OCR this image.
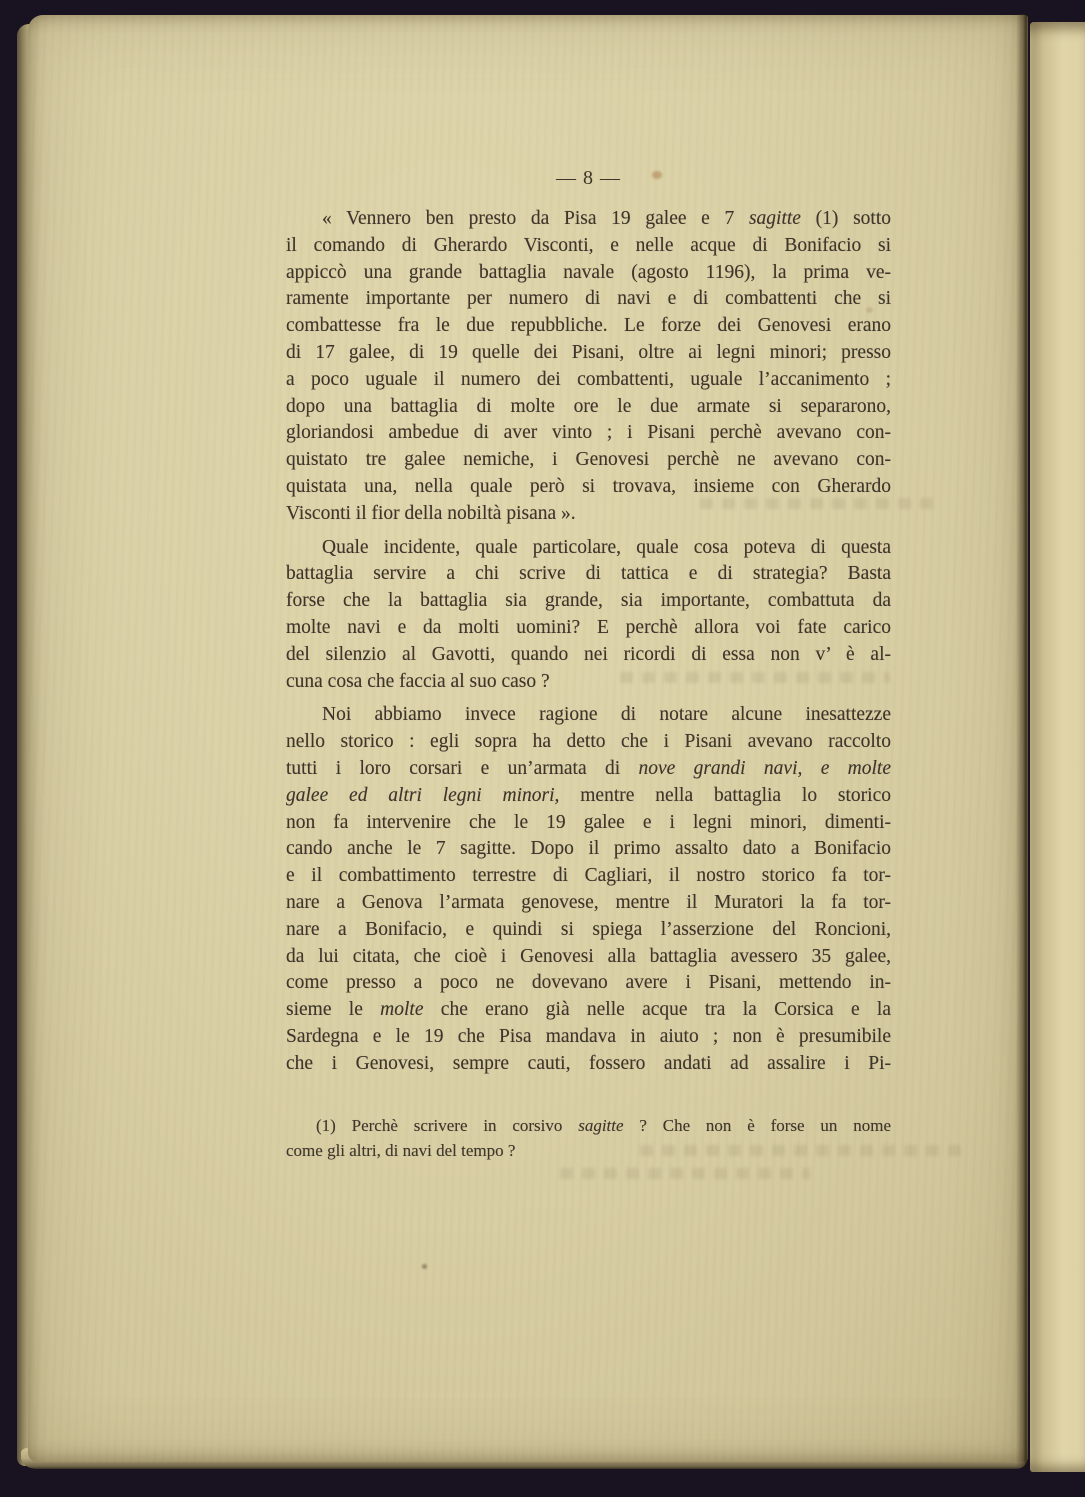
— 8 —
« Vennero ben presto da Pisa 19 galee e 7 sagitte (1) sotto
il comando di Gherardo Visconti, e nelle acque di Bonifacio si
appiccò una grande battaglia navale (agosto 1196), la prima ve-
ramente importante per numero di navi e di combattenti che si
combattesse fra le due repubbliche. Le forze dei Genovesi erano
di 17 galee, di 19 quelle dei Pisani, oltre ai legni minori; presso
a poco uguale il numero dei combattenti, uguale l’accanimento ;
dopo una battaglia di molte ore le due armate si separarono,
gloriandosi ambedue di aver vinto ; i Pisani perchè avevano con-
quistato tre galee nemiche, i Genovesi perchè ne avevano con-
quistata una, nella quale però si trovava, insieme con Gherardo
Visconti il fior della nobiltà pisana ».
Quale incidente, quale particolare, quale cosa poteva di questa
battaglia servire a chi scrive di tattica e di strategia? Basta
forse che la battaglia sia grande, sia importante, combattuta da
molte navi e da molti uomini? E perchè allora voi fate carico
del silenzio al Gavotti, quando nei ricordi di essa non v’ è al-
cuna cosa che faccia al suo caso ?
Noi abbiamo invece ragione di notare alcune inesattezze
nello storico : egli sopra ha detto che i Pisani avevano raccolto
tutti i loro corsari e un’armata di nove grandi navi, e molte
galee ed altri legni minori, mentre nella battaglia lo storico
non fa intervenire che le 19 galee e i legni minori, dimenti-
cando anche le 7 sagitte. Dopo il primo assalto dato a Bonifacio
e il combattimento terrestre di Cagliari, il nostro storico fa tor-
nare a Genova l’armata genovese, mentre il Muratori la fa tor-
nare a Bonifacio, e quindi si spiega l’asserzione del Roncioni,
da lui citata, che cioè i Genovesi alla battaglia avessero 35 galee,
come presso a poco ne dovevano avere i Pisani, mettendo in-
sieme le molte che erano già nelle acque tra la Corsica e la
Sardegna e le 19 che Pisa mandava in aiuto ; non è presumibile
che i Genovesi, sempre cauti, fossero andati ad assalire i Pi-
(1) Perchè scrivere in corsivo sagitte ? Che non è forse un nome
come gli altri, di navi del tempo ?
